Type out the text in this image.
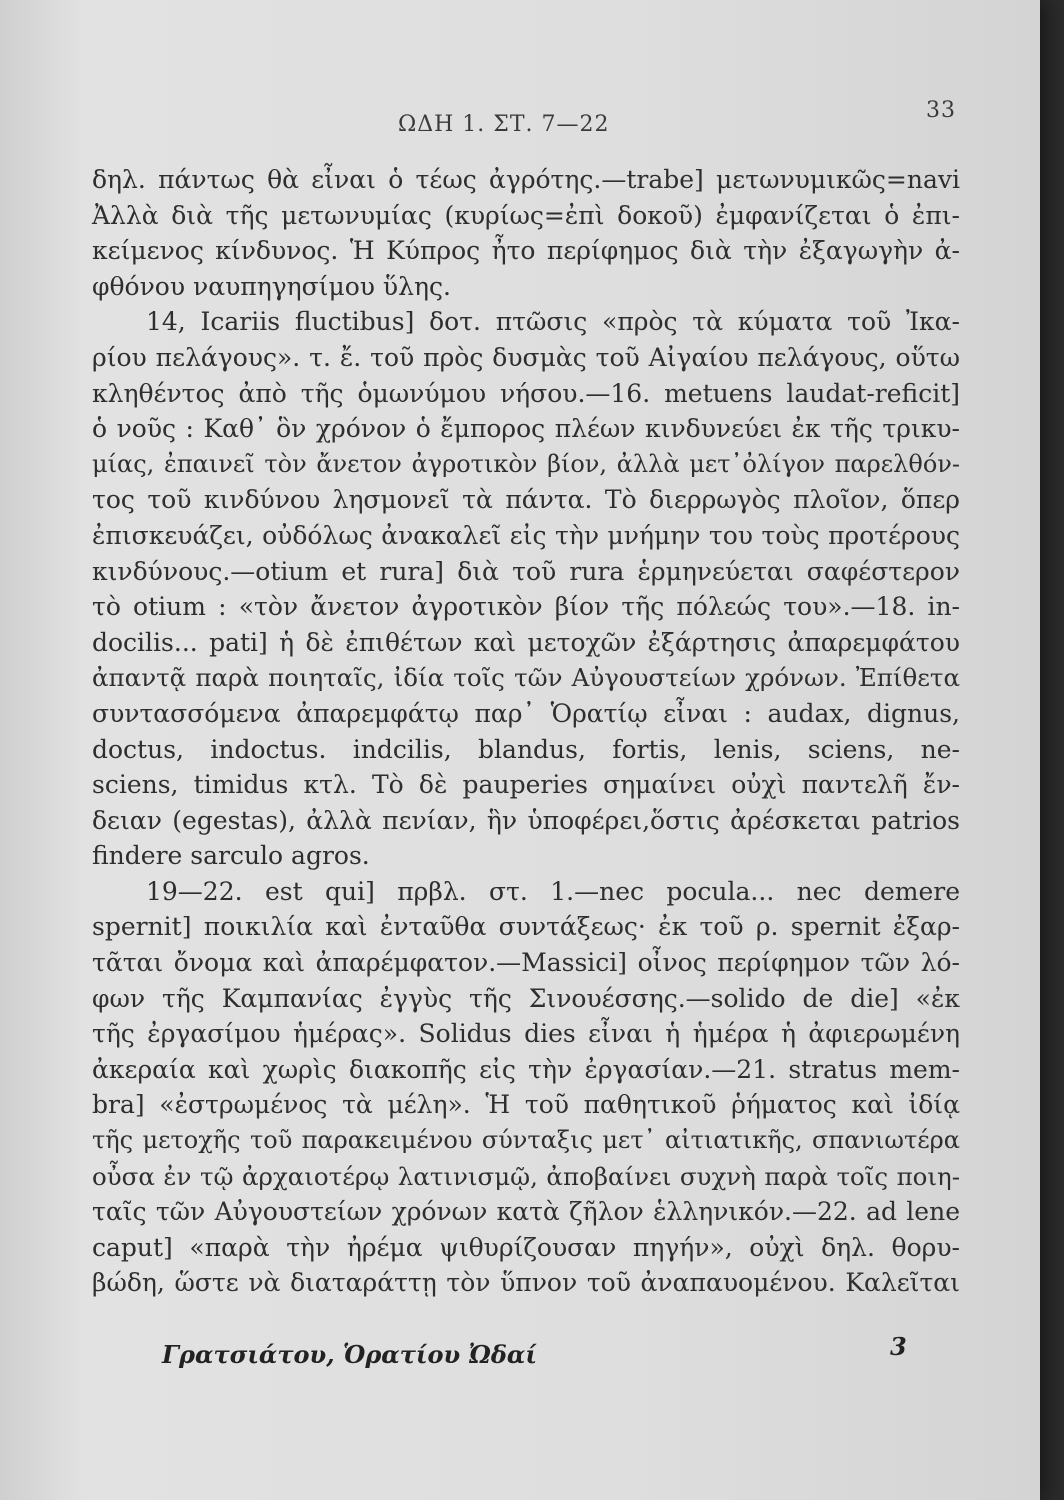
ΩΔΗ 1. ΣΤ. 7—22
33
δηλ. πάντως θὰ εἶναι ὁ τέως ἀγρότης.—trabe] μετωνυμικῶς=navi
Ἀλλὰ διὰ τῆς μετωνυμίας (κυρίως=ἐπὶ δοκοῦ) ἐμφανίζεται ὁ ἐπι-
κείμενος κίνδυνος. Ἡ Κύπρος ἦτο περίφημος διὰ τὴν ἐξαγωγὴν ἀ-
φθόνου ναυπηγησίμου ὕλης.
14, Icariis fluctibus] δοτ. πτῶσις «πρὸς τὰ κύματα τοῦ Ἰκα-
ρίου πελάγους». τ. ἔ. τοῦ πρὸς δυσμὰς τοῦ Αἰγαίου πελάγους, οὕτω
κληθέντος ἀπὸ τῆς ὁμωνύμου νήσου.—16. metuens laudat-reficit]
ὁ νοῦς : Καθ᾽ ὃν χρόνον ὁ ἔμπορος πλέων κινδυνεύει ἐκ τῆς τρικυ-
μίας, ἐπαινεῖ τὸν ἄνετον ἀγροτικὸν βίον, ἀλλὰ μετ᾽ὀλίγον παρελθόν-
τος τοῦ κινδύνου λησμονεῖ τὰ πάντα. Τὸ διερρωγὸς πλοῖον, ὅπερ
ἐπισκευάζει, οὐδόλως ἀνακαλεῖ εἰς τὴν μνήμην του τοὺς προτέρους
κινδύνους.—otium et rura] διὰ τοῦ rura ἑρμηνεύεται σαφέστερον
τὸ otium : «τὸν ἄνετον ἀγροτικὸν βίον τῆς πόλεώς του».—18. in-
docilis... pati] ἡ δὲ ἐπιθέτων καὶ μετοχῶν ἐξάρτησις ἀπαρεμφάτου
ἀπαντᾷ παρὰ ποιηταῖς, ἰδία τοῖς τῶν Αὐγουστείων χρόνων. Ἐπίθετα
συντασσόμενα ἀπαρεμφάτῳ παρ᾽ Ὁρατίῳ εἶναι : audax, dignus,
doctus, indoctus. indcilis, blandus, fortis, lenis, sciens, ne-
sciens, timidus κτλ. Τὸ δὲ pauperies σημαίνει οὐχὶ παντελῆ ἔν-
δειαν (egestas), ἀλλὰ πενίαν, ἣν ὑποφέρει,ὅστις ἀρέσκεται patrios
findere sarculo agros.
19—22. est qui] πρβλ. στ. 1.—nec pocula... nec demere
spernit] ποικιλία καὶ ἐνταῦθα συντάξεως· ἐκ τοῦ ρ. spernit ἐξαρ-
τᾶται ὄνομα καὶ ἀπαρέμφατον.—Massici] οἶνος περίφημον τῶν λό-
φων τῆς Καμπανίας ἐγγὺς τῆς Σινουέσσης.—solido de die] «ἐκ
τῆς ἐργασίμου ἡμέρας». Solidus dies εἶναι ἡ ἡμέρα ἡ ἀφιερωμένη
ἀκεραία καὶ χωρὶς διακοπῆς εἰς τὴν ἐργασίαν.—21. stratus mem-
bra] «ἐστρωμένος τὰ μέλη». Ἡ τοῦ παθητικοῦ ῥήματος καὶ ἰδίᾳ
τῆς μετοχῆς τοῦ παρακειμένου σύνταξις μετ᾽ αἰτιατικῆς, σπανιωτέρα
οὖσα ἐν τῷ ἀρχαιοτέρῳ λατινισμῷ, ἀποβαίνει συχνὴ παρὰ τοῖς ποιη-
ταῖς τῶν Αὐγουστείων χρόνων κατὰ ζῆλον ἑλληνικόν.—22. ad lene
caput] «παρὰ τὴν ἠρέμα ψιθυρίζουσαν πηγήν», οὐχὶ δηλ. θορυ-
βώδη, ὥστε νὰ διαταράττῃ τὸν ὕπνον τοῦ ἀναπαυομένου. Καλεῖται
Γρατσιάτου, Ὁρατίου Ὠδαί	3
